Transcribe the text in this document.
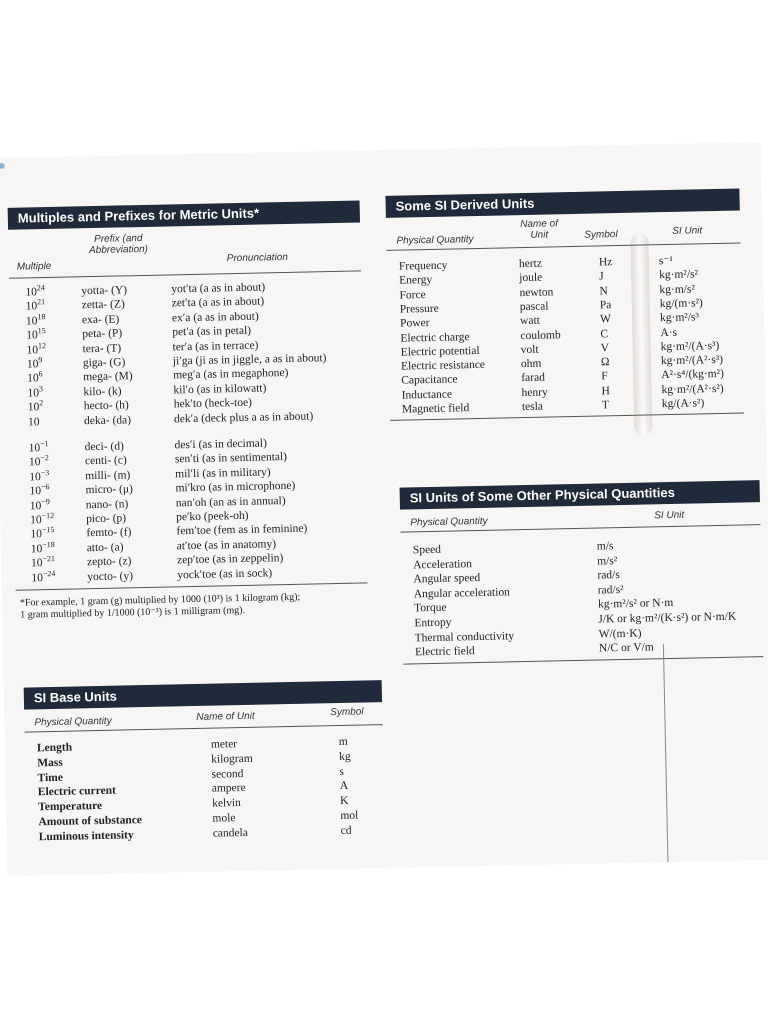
Multiples and Prefixes for Metric Units*
Multiple
Prefix (and Abbreviation)
Pronunciation
$10^{24}$	yotta- (Y)	yot′ta (a as in about)
$10^{21}$	zetta- (Z)	zet′ta (a as in about)
$10^{18}$	exa- (E)	ex′a (a as in about)
$10^{15}$	peta- (P)	pet′a (as in petal)
$10^{12}$	tera- (T)	ter′a (as in terrace)
$10^9$	giga- (G)	ji′ga (ji as in jiggle, a as in about)
$10^6$	mega- (M)	meg′a (as in megaphone)
$10^3$	kilo- (k)	kil′o (as in kilowatt)
$10^2$	hecto- (h)	hek′to (heck-toe)
10	deka- (da)	dek′a (deck plus a as in about)
$10^{-1}$	deci- (d)	des′i (as in decimal)
$10^{-2}$	centi- (c)	sen′ti (as in sentimental)
$10^{-3}$	milli- (m)	mil′li (as in military)
$10^{-6}$	micro- (μ)	mi′kro (as in microphone)
$10^{-9}$	nano- (n)	nan′oh (an as in annual)
$10^{-12}$	pico- (p)	pe′ko (peek-oh)
$10^{-15}$	femto- (f)	fem′toe (fem as in feminine)
$10^{-18}$	atto- (a)	at′toe (as in anatomy)
$10^{-21}$	zepto- (z)	zep′toe (as in zeppelin)
$10^{-24}$	yocto- (y)	yock′toe (as in sock)
*For example, 1 gram (g) multiplied by 1000 (10³) is 1 kilogram (kg);
1 gram multiplied by 1/1000 (10⁻³) is 1 milligram (mg).
Some SI Derived Units
Physical Quantity
Name of Unit	Symbol	SI Unit
Frequency	hertz	Hz	s⁻¹
Energy	joule	J	kg·m²/s²
Force	newton	N	kg·m/s²
Pressure	pascal	Pa	kg/(m·s²)
Power	watt	W	kg·m²/s³
Electric charge	coulomb	C	A·s
Electric potential	volt	V	kg·m²/(A·s³)
Electric resistance	ohm	Ω	kg·m²/(A²·s³)
Capacitance	farad	F	A²·s⁴/(kg·m²)
Inductance	henry	H	kg·m²/(A²·s²)
Magnetic field	tesla	T	kg/(A·s²)
SI Units of Some Other Physical Quantities
Physical Quantity
SI Unit
Speed	m/s
Acceleration	m/s²
Angular speed	rad/s
Angular acceleration	rad/s²
Torque	kg·m²/s² or N·m
Entropy	J/K or kg·m²/(K·s²) or N·m/K
Thermal conductivity	W/(m·K)
Electric field	N/C or V/m
SI Base Units
Physical Quantity	Name of Unit	Symbol
Length	meter	m
Mass	kilogram	kg
Time	second	s
Electric current	ampere	A
Temperature	kelvin	K
Amount of substance	mole	mol
Luminous intensity	candela	cd
